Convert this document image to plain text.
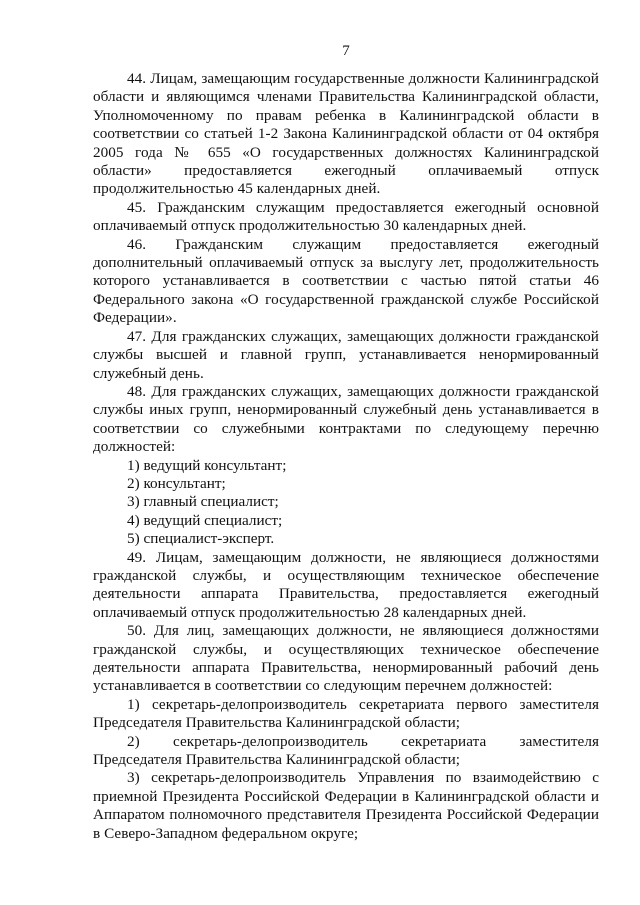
7

44. Лицам, замещающим государственные должности Калининградской области и являющимся членами Правительства Калининградской области, Уполномоченному по правам ребенка в Калининградской области в соответствии со статьей 1-2 Закона Калининградской области от 04 октября 2005 года № 655 «О государственных должностях Калининградской области» предоставляется ежегодный оплачиваемый отпуск продолжительностью 45 календарных дней.

45. Гражданским служащим предоставляется ежегодный основной оплачиваемый отпуск продолжительностью 30 календарных дней.

46. Гражданским служащим предоставляется ежегодный дополнительный оплачиваемый отпуск за выслугу лет, продолжительность которого устанавливается в соответствии с частью пятой статьи 46 Федерального закона «О государственной гражданской службе Российской Федерации».

47. Для гражданских служащих, замещающих должности гражданской службы высшей и главной групп, устанавливается ненормированный служебный день.

48. Для гражданских служащих, замещающих должности гражданской службы иных групп, ненормированный служебный день устанавливается в соответствии со служебными контрактами по следующему перечню должностей:

1) ведущий консультант;

2) консультант;

3) главный специалист;

4) ведущий специалист;

5) специалист-эксперт.

49. Лицам, замещающим должности, не являющиеся должностями гражданской службы, и осуществляющим техническое обеспечение деятельности аппарата Правительства, предоставляется ежегодный оплачиваемый отпуск продолжительностью 28 календарных дней.

50. Для лиц, замещающих должности, не являющиеся должностями гражданской службы, и осуществляющих техническое обеспечение деятельности аппарата Правительства, ненормированный рабочий день устанавливается в соответствии со следующим перечнем должностей:

1) секретарь-делопроизводитель секретариата первого заместителя Председателя Правительства Калининградской области;

2) секретарь-делопроизводитель секретариата заместителя Председателя Правительства Калининградской области;

3) секретарь-делопроизводитель Управления по взаимодействию с приемной Президента Российской Федерации в Калининградской области и Аппаратом полномочного представителя Президента Российской Федерации в Северо-Западном федеральном округе;
